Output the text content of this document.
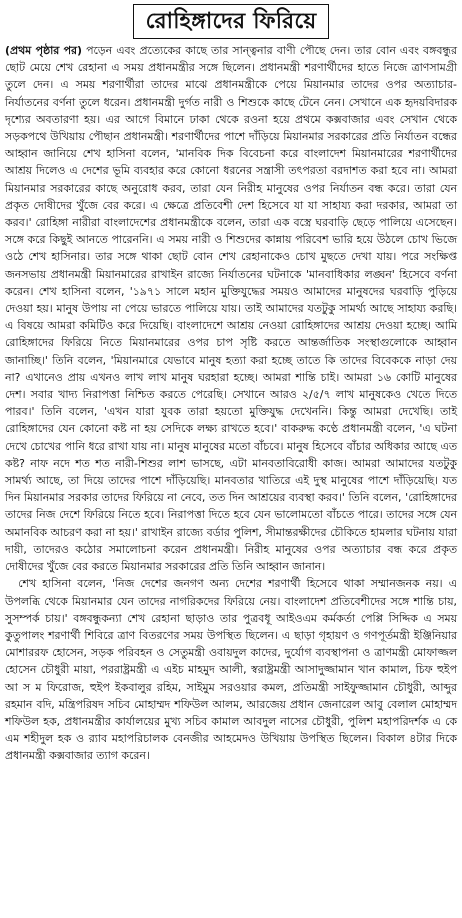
রোহিঙ্গাদের ফিরিয়ে

(প্রথম পৃষ্ঠার পর) পড়েন এবং প্রত্যেকের কাছে তার সান্ত্বনার বাণী পৌছে দেন। তার বোন এবং বঙ্গবন্ধুর ছোট মেয়ে শেখ রেহানা এ সময় প্রধানমন্ত্রীর সঙ্গে ছিলেন। প্রধানমন্ত্রী শরণার্থীদের হাতে নিজে ত্রাণসামগ্রী তুলে দেন। এ সময় শরণার্থীরা তাদের মাঝে প্রধানমন্ত্রীকে পেয়ে মিয়ানমার তাদের ওপর অত্যাচার-নির্যাতনের বর্ণনা তুলে ধরেন। প্রধানমন্ত্রী দুর্গত নারী ও শিশুকে কাছে টেনে নেন। সেখানে এক হৃদয়বিদারক দৃশ্যের অবতারণা হয়। এর আগে বিমানে ঢাকা থেকে রওনা হয়ে প্রথমে কক্সবাজার এবং সেখান থেকে সড়কপথে উখিয়ায় পৌছান প্রধানমন্ত্রী। শরণার্থীদের পাশে দাঁড়িয়ে মিয়ানমার সরকারের প্রতি নির্যাতন বন্ধের আহ্বান জানিয়ে শেখ হাসিনা বলেন, 'মানবিক দিক বিবেচনা করে বাংলাদেশ মিয়ানমারের শরণার্থীদের আশ্রয় দিলেও এ দেশের ভূমি ব্যবহার করে কোনো ধরনের সন্ত্রাসী তৎপরতা বরদাশত করা হবে না। আমরা মিয়ানমার সরকারের কাছে অনুরোধ করব, তারা যেন নিরীহ মানুষের ওপর নির্যাতন বন্ধ করে। তারা যেন প্রকৃত দোষীদের খুঁজে বের করে। এ ক্ষেত্রে প্রতিবেশী দেশ হিসেবে যা যা সাহায্য করা দরকার, আমরা তা করব।' রোহিঙ্গা নারীরা বাংলাদেশের প্রধানমন্ত্রীকে বলেন, তারা এক বস্ত্রে ঘরবাড়ি ছেড়ে পালিয়ে এসেছেন। সঙ্গে করে কিছুই আনতে পারেননি। এ সময় নারী ও শিশুদের কান্নায় পরিবেশ ভারি হয়ে উঠলে চোখ ভিজে ওঠে শেখ হাসিনার। তার সঙ্গে থাকা ছোট বোন শেখ রেহানাকেও চোখ মুছতে দেখা যায়। পরে সংক্ষিপ্ত জনসভায় প্রধানমন্ত্রী মিয়ানমারের রাখাইন রাজ্যে নির্যাতনের ঘটনাকে 'মানবাধিকার লঙ্ঘন' হিসেবে বর্ণনা করেন। শেখ হাসিনা বলেন, '১৯৭১ সালে মহান মুক্তিযুদ্ধের সময়ও আমাদের মানুষদের ঘরবাড়ি পুড়িয়ে দেওয়া হয়। মানুষ উপায় না পেয়ে ভারতে পালিয়ে যায়। তাই আমাদের যতটুকু সামর্থ্য আছে সাহায্য করছি। এ বিষয়ে আমরা কমিটিও করে দিয়েছি। বাংলাদেশে আশ্রয় নেওয়া রোহিঙ্গাদের আশ্রয় দেওয়া হচ্ছে। আমি রোহিঙ্গাদের ফিরিয়ে নিতে মিয়ানমারের ওপর চাপ সৃষ্টি করতে আন্তর্জাতিক সংস্থাগুলোকে আহ্বান জানাচ্ছি।' তিনি বলেন, 'মিয়ানমারে যেভাবে মানুষ হত্যা করা হচ্ছে তাতে কি তাদের বিবেককে নাড়া দেয় না? এখানেও প্রায় এখনও লাখ লাখ মানুষ ঘরহারা হচ্ছে। আমরা শান্তি চাই। আমরা ১৬ কোটি মানুষের দেশ। সবার খাদ্য নিরাপত্তা নিশ্চিত করতে পেরেছি। সেখানে আরও ২/৫/৭ লাখ মানুষকেও খেতে দিতে পারব।' তিনি বলেন, 'এখন যারা যুবক তারা হয়তো মুক্তিযুদ্ধ দেখেননি। কিন্তু আমরা দেখেছি। তাই রোহিঙ্গাদের যেন কোনো কষ্ট না হয় সেদিকে লক্ষ্য রাখতে হবে।' বাকরুদ্ধ কণ্ঠে প্রধানমন্ত্রী বলেন, 'এ ঘটনা দেখে চোখের পানি ধরে রাখা যায় না। মানুষ মানুষের মতো বাঁচবে। মানুষ হিসেবে বাঁচার অধিকার আছে এত কষ্ট? নাফ নদে শত শত নারী-শিশুর লাশ ভাসছে, এটা মানবতাবিরোধী কাজ। আমরা আমাদের যতটুকু সামর্থ্য আছে, তা দিয়ে তাদের পাশে দাঁড়িয়েছি। মানবতার খাতিরে এই দুস্থ মানুষের পাশে দাঁড়িয়েছি। যত দিন মিয়ানমার সরকার তাদের ফিরিয়ে না নেবে, তত দিন আশ্রয়ের ব্যবস্থা করব।' তিনি বলেন, 'রোহিঙ্গাদের তাদের নিজ দেশে ফিরিয়ে নিতে হবে। নিরাপত্তা দিতে হবে যেন ভালোমতো বাঁচতে পারে। তাদের সঙ্গে যেন অমানবিক আচরণ করা না হয়।' রাখাইন রাজ্যে বর্ডার পুলিশ, সীমান্তরক্ষীদের চৌকিতে হামলার ঘটনায় যারা দায়ী, তাদেরও কঠোর সমালোচনা করেন প্রধানমন্ত্রী। নিরীহ মানুষের ওপর অত্যাচার বন্ধ করে প্রকৃত দোষীদের খুঁজে বের করতে মিয়ানমার সরকারের প্রতি তিনি আহ্বান জানান।

শেখ হাসিনা বলেন, 'নিজ দেশের জনগণ অন্য দেশের শরণার্থী হিসেবে থাকা সম্মানজনক নয়। এ উপলব্ধি থেকে মিয়ানমার যেন তাদের নাগরিকদের ফিরিয়ে নেয়। বাংলাদেশ প্রতিবেশীদের সঙ্গে শান্তি চায়, সুসম্পর্ক চায়।' বঙ্গবন্ধুকন্যা শেখ রেহানা ছাড়াও তার পুত্রবধূ আইওএম কর্মকর্তা পেপ্পি সিদ্দিক এ সময় কুতুপালং শরণার্থী শিবিরে ত্রাণ বিতরণের সময় উপস্থিত ছিলেন। এ ছাড়া গৃহায়ণ ও গণপূর্তমন্ত্রী ইঞ্জিনিয়ার মোশাররফ হোসেন, সড়ক পরিবহন ও সেতুমন্ত্রী ওবায়দুল কাদের, দুর্যোগ ব্যবস্থাপনা ও ত্রাণমন্ত্রী মোফাজ্জল হোসেন চৌধুরী মায়া, পররাষ্ট্রমন্ত্রী এ এইচ মাহমুদ আলী, স্বরাষ্ট্রমন্ত্রী আসাদুজ্জামান খান কামাল, চিফ হুইপ আ স ম ফিরোজ, হুইপ ইকবালুর রহিম, সাইমুম সরওয়ার কমল, প্রতিমন্ত্রী সাইফুজ্জামান চৌধুরী, আব্দুর রহমান বদি, মন্ত্রিপরিষদ সচিব মোহাম্মদ শফিউল আলম, আরজেয় প্রধান জেনারেল আবু বেলাল মোহাম্মদ শফিউল হক, প্রধানমন্ত্রীর কার্যালয়ের মুখ্য সচিব কামাল আবদুল নাসের চৌধুরী, পুলিশ মহাপরিদর্শক এ কে এম শহীদুল হক ও র‍্যাব মহাপরিচালক বেনজীর আহমেদও উখিয়ায় উপস্থিত ছিলেন। বিকাল ৪টার দিকে প্রধানমন্ত্রী কক্সবাজার ত্যাগ করেন।
